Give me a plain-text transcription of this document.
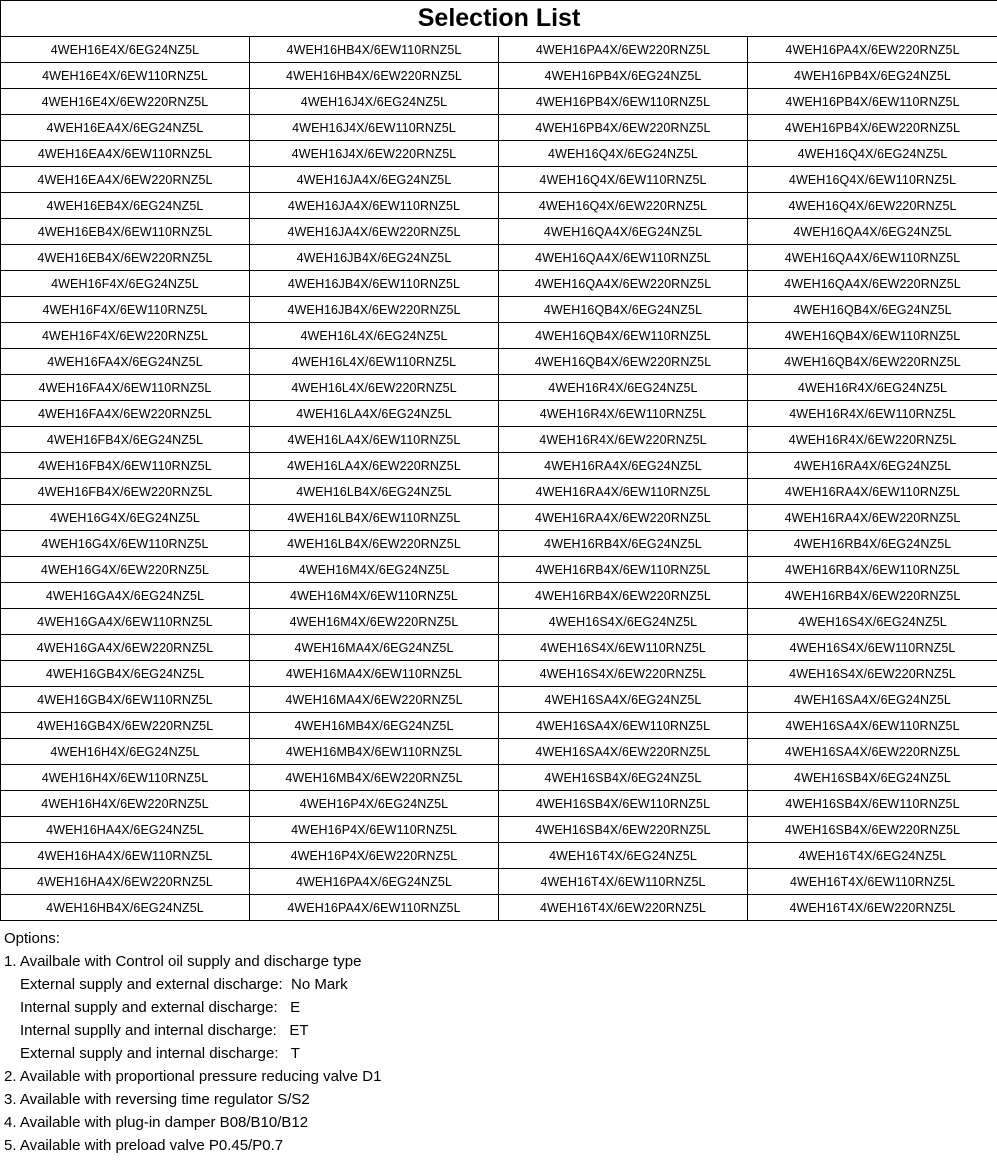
Selection List			
4WEH16E4X/6EG24NZ5L	4WEH16HB4X/6EW110RNZ5L	4WEH16PA4X/6EW220RNZ5L	4WEH16PA4X/6EW220RNZ5L
4WEH16E4X/6EW110RNZ5L	4WEH16HB4X/6EW220RNZ5L	4WEH16PB4X/6EG24NZ5L	4WEH16PB4X/6EG24NZ5L
4WEH16E4X/6EW220RNZ5L	4WEH16J4X/6EG24NZ5L	4WEH16PB4X/6EW110RNZ5L	4WEH16PB4X/6EW110RNZ5L
4WEH16EA4X/6EG24NZ5L	4WEH16J4X/6EW110RNZ5L	4WEH16PB4X/6EW220RNZ5L	4WEH16PB4X/6EW220RNZ5L
4WEH16EA4X/6EW110RNZ5L	4WEH16J4X/6EW220RNZ5L	4WEH16Q4X/6EG24NZ5L	4WEH16Q4X/6EG24NZ5L
4WEH16EA4X/6EW220RNZ5L	4WEH16JA4X/6EG24NZ5L	4WEH16Q4X/6EW110RNZ5L	4WEH16Q4X/6EW110RNZ5L
4WEH16EB4X/6EG24NZ5L	4WEH16JA4X/6EW110RNZ5L	4WEH16Q4X/6EW220RNZ5L	4WEH16Q4X/6EW220RNZ5L
4WEH16EB4X/6EW110RNZ5L	4WEH16JA4X/6EW220RNZ5L	4WEH16QA4X/6EG24NZ5L	4WEH16QA4X/6EG24NZ5L
4WEH16EB4X/6EW220RNZ5L	4WEH16JB4X/6EG24NZ5L	4WEH16QA4X/6EW110RNZ5L	4WEH16QA4X/6EW110RNZ5L
4WEH16F4X/6EG24NZ5L	4WEH16JB4X/6EW110RNZ5L	4WEH16QA4X/6EW220RNZ5L	4WEH16QA4X/6EW220RNZ5L
4WEH16F4X/6EW110RNZ5L	4WEH16JB4X/6EW220RNZ5L	4WEH16QB4X/6EG24NZ5L	4WEH16QB4X/6EG24NZ5L
4WEH16F4X/6EW220RNZ5L	4WEH16L4X/6EG24NZ5L	4WEH16QB4X/6EW110RNZ5L	4WEH16QB4X/6EW110RNZ5L
4WEH16FA4X/6EG24NZ5L	4WEH16L4X/6EW110RNZ5L	4WEH16QB4X/6EW220RNZ5L	4WEH16QB4X/6EW220RNZ5L
4WEH16FA4X/6EW110RNZ5L	4WEH16L4X/6EW220RNZ5L	4WEH16R4X/6EG24NZ5L	4WEH16R4X/6EG24NZ5L
4WEH16FA4X/6EW220RNZ5L	4WEH16LA4X/6EG24NZ5L	4WEH16R4X/6EW110RNZ5L	4WEH16R4X/6EW110RNZ5L
4WEH16FB4X/6EG24NZ5L	4WEH16LA4X/6EW110RNZ5L	4WEH16R4X/6EW220RNZ5L	4WEH16R4X/6EW220RNZ5L
4WEH16FB4X/6EW110RNZ5L	4WEH16LA4X/6EW220RNZ5L	4WEH16RA4X/6EG24NZ5L	4WEH16RA4X/6EG24NZ5L
4WEH16FB4X/6EW220RNZ5L	4WEH16LB4X/6EG24NZ5L	4WEH16RA4X/6EW110RNZ5L	4WEH16RA4X/6EW110RNZ5L
4WEH16G4X/6EG24NZ5L	4WEH16LB4X/6EW110RNZ5L	4WEH16RA4X/6EW220RNZ5L	4WEH16RA4X/6EW220RNZ5L
4WEH16G4X/6EW110RNZ5L	4WEH16LB4X/6EW220RNZ5L	4WEH16RB4X/6EG24NZ5L	4WEH16RB4X/6EG24NZ5L
4WEH16G4X/6EW220RNZ5L	4WEH16M4X/6EG24NZ5L	4WEH16RB4X/6EW110RNZ5L	4WEH16RB4X/6EW110RNZ5L
4WEH16GA4X/6EG24NZ5L	4WEH16M4X/6EW110RNZ5L	4WEH16RB4X/6EW220RNZ5L	4WEH16RB4X/6EW220RNZ5L
4WEH16GA4X/6EW110RNZ5L	4WEH16M4X/6EW220RNZ5L	4WEH16S4X/6EG24NZ5L	4WEH16S4X/6EG24NZ5L
4WEH16GA4X/6EW220RNZ5L	4WEH16MA4X/6EG24NZ5L	4WEH16S4X/6EW110RNZ5L	4WEH16S4X/6EW110RNZ5L
4WEH16GB4X/6EG24NZ5L	4WEH16MA4X/6EW110RNZ5L	4WEH16S4X/6EW220RNZ5L	4WEH16S4X/6EW220RNZ5L
4WEH16GB4X/6EW110RNZ5L	4WEH16MA4X/6EW220RNZ5L	4WEH16SA4X/6EG24NZ5L	4WEH16SA4X/6EG24NZ5L
4WEH16GB4X/6EW220RNZ5L	4WEH16MB4X/6EG24NZ5L	4WEH16SA4X/6EW110RNZ5L	4WEH16SA4X/6EW110RNZ5L
4WEH16H4X/6EG24NZ5L	4WEH16MB4X/6EW110RNZ5L	4WEH16SA4X/6EW220RNZ5L	4WEH16SA4X/6EW220RNZ5L
4WEH16H4X/6EW110RNZ5L	4WEH16MB4X/6EW220RNZ5L	4WEH16SB4X/6EG24NZ5L	4WEH16SB4X/6EG24NZ5L
4WEH16H4X/6EW220RNZ5L	4WEH16P4X/6EG24NZ5L	4WEH16SB4X/6EW110RNZ5L	4WEH16SB4X/6EW110RNZ5L
4WEH16HA4X/6EG24NZ5L	4WEH16P4X/6EW110RNZ5L	4WEH16SB4X/6EW220RNZ5L	4WEH16SB4X/6EW220RNZ5L
4WEH16HA4X/6EW110RNZ5L	4WEH16P4X/6EW220RNZ5L	4WEH16T4X/6EG24NZ5L	4WEH16T4X/6EG24NZ5L
4WEH16HA4X/6EW220RNZ5L	4WEH16PA4X/6EG24NZ5L	4WEH16T4X/6EW110RNZ5L	4WEH16T4X/6EW110RNZ5L
4WEH16HB4X/6EG24NZ5L	4WEH16PA4X/6EW110RNZ5L	4WEH16T4X/6EW220RNZ5L	4WEH16T4X/6EW220RNZ5L
Options:
1. Availbale with Control oil supply and discharge type
External supply and external discharge:  No Mark
Internal supply and external discharge:   E
Internal supplly and internal discharge:   ET
External supply and internal discharge:   T
2. Available with proportional pressure reducing valve D1
3. Available with reversing time regulator S/S2
4. Available with plug-in damper B08/B10/B12
5. Available with preload valve P0.45/P0.7
